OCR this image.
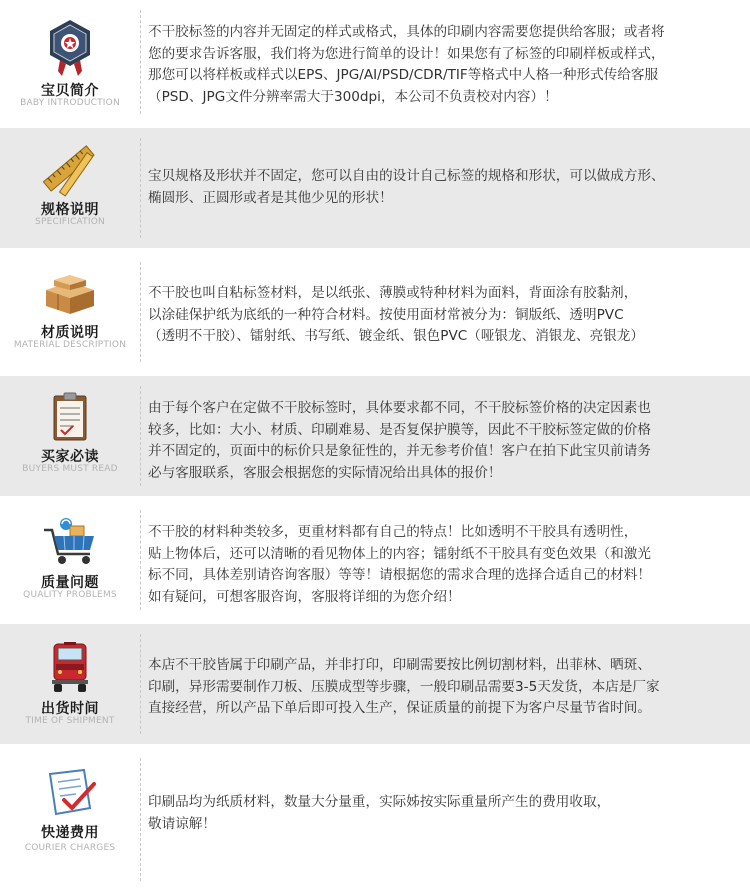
宝贝简介
BABY INTRODUCTION

不干胶标签的内容并无固定的样式或格式，具体的印刷内容需要您提供给客服；或者将

您的要求告诉客服，我们将为您进行简单的设计！如果您有了标签的印刷样板或样式，

那您可以将样板或样式以EPS、JPG/AI/PSD/CDR/TIF等格式中人格一种形式传给客服

（PSD、JPG文件分辨率需大于300dpi，本公司不负责校对内容）！

规格说明
SPECIFICATION

宝贝规格及形状并不固定，您可以自由的设计自己标签的规格和形状，可以做成方形、

椭圆形、正圆形或者是其他少见的形状！

材质说明
MATERIAL DESCRIPTION

不干胶也叫自粘标签材料，是以纸张、薄膜或特种材料为面料，背面涂有胶黏剂，

以涂硅保护纸为底纸的一种符合材料。按使用面材常被分为：铜版纸、透明PVC

（透明不干胶）、镭射纸、书写纸、镀金纸、银色PVC（哑银龙、消银龙、亮银龙）

买家必读
BUYERS MUST READ

由于每个客户在定做不干胶标签时，具体要求都不同，不干胶标签价格的决定因素也

较多，比如：大小、材质、印刷难易、是否复保护膜等，因此不干胶标签定做的价格

并不固定的，页面中的标价只是象征性的，并无参考价值！客户在拍下此宝贝前请务

必与客服联系，客服会根据您的实际情况给出具体的报价！

质量问题
QUALITY PROBLEMS

不干胶的材料种类较多，更重材料都有自己的特点！比如透明不干胶具有透明性，

贴上物体后，还可以清晰的看见物体上的内容；镭射纸不干胶具有变色效果（和激光

标不同，具体差别请咨询客服）等等！请根据您的需求合理的选择合适自己的材料！

如有疑问，可想客服咨询，客服将详细的为您介绍！

出货时间
TIME OF SHIPMENT

本店不干胶皆属于印刷产品，并非打印，印刷需要按比例切割材料，出菲林、晒斑、

印刷，异形需要制作刀板、压膜成型等步骤，一般印刷品需要3-5天发货，本店是厂家

直接经营，所以产品下单后即可投入生产，保证质量的前提下为客户尽量节省时间。

快递费用
COURIER CHARGES

印刷品均为纸质材料，数量大分量重，实际姊按实际重量所产生的费用收取，

敬请谅解！
